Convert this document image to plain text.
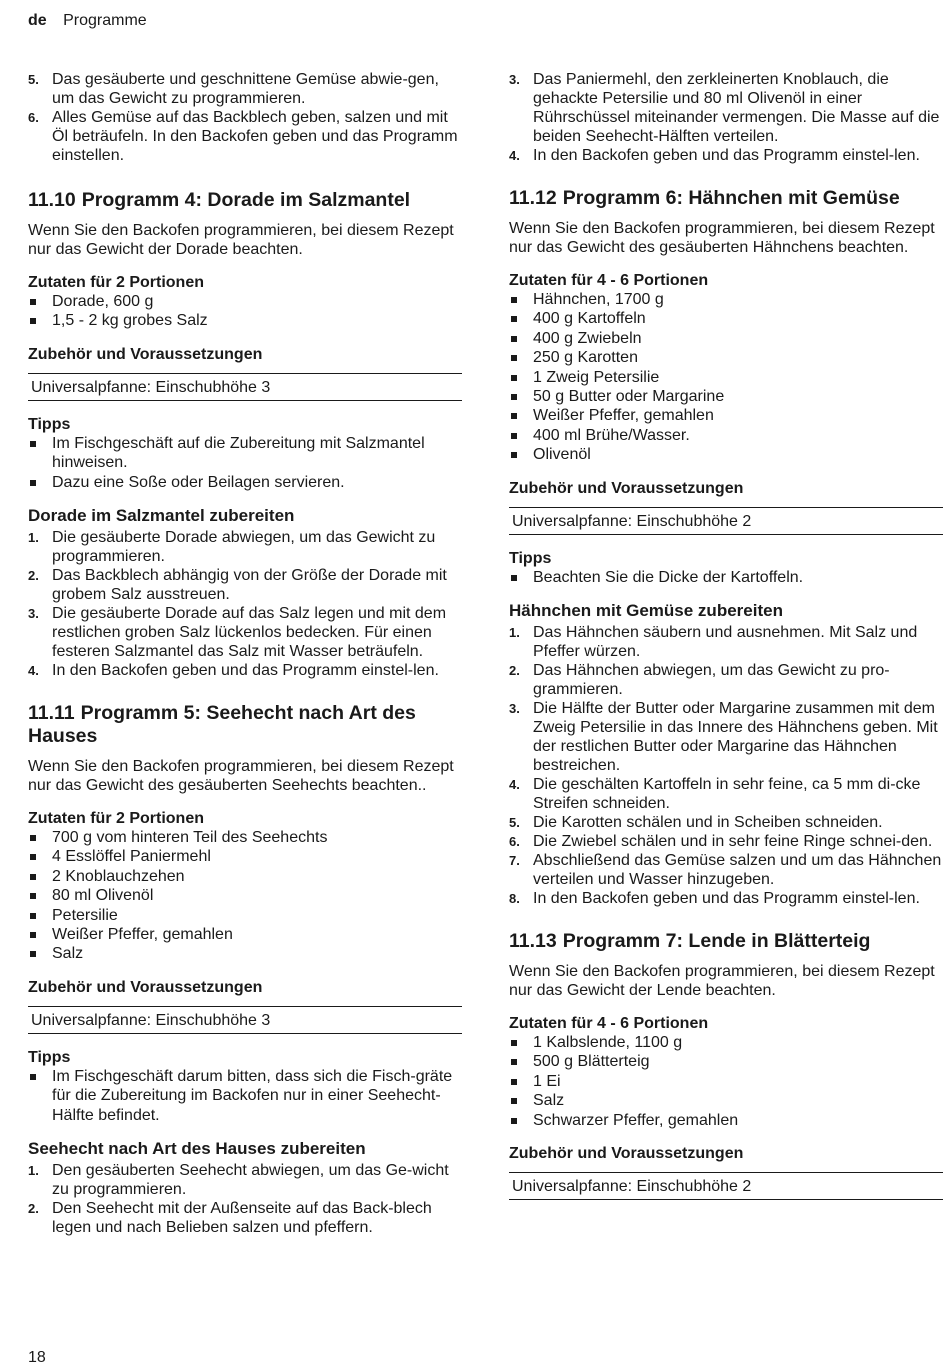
de Programme
5. Das gesäuberte und geschnittene Gemüse abwie-gen, um das Gewicht zu programmieren.
6. Alles Gemüse auf das Backblech geben, salzen und mit Öl beträufeln. In den Backofen geben und das Programm einstellen.
11.10 Programm 4: Dorade im Salzmantel

Wenn Sie den Backofen programmieren, bei diesem Rezept nur das Gewicht der Dorade beachten.

Zutaten für 2 Portionen
Dorade, 600 g
1,5 - 2 kg grobes Salz
Zubehör und Voraussetzungen
Universalpfanne: Einschubhöhe 3
Tipps
Im Fischgeschäft auf die Zubereitung mit Salzmantel hinweisen.
Dazu eine Soße oder Beilagen servieren.
Dorade im Salzmantel zubereiten
1. Die gesäuberte Dorade abwiegen, um das Gewicht zu programmieren.
2. Das Backblech abhängig von der Größe der Dorade mit grobem Salz ausstreuen.
3. Die gesäuberte Dorade auf das Salz legen und mit dem restlichen groben Salz lückenlos bedecken. Für einen festeren Salzmantel das Salz mit Wasser beträufeln.
4. In den Backofen geben und das Programm einstel-len.
11.11 Programm 5: Seehecht nach Art des Hauses

Wenn Sie den Backofen programmieren, bei diesem Rezept nur das Gewicht des gesäuberten Seehechts beachten..

Zutaten für 2 Portionen
700 g vom hinteren Teil des Seehechts
4 Esslöffel Paniermehl
2 Knoblauchzehen
80 ml Olivenöl
Petersilie
Weißer Pfeffer, gemahlen
Salz
Zubehör und Voraussetzungen
Universalpfanne: Einschubhöhe 3
Tipps
Im Fischgeschäft darum bitten, dass sich die Fisch-gräte für die Zubereitung im Backofen nur in einer Seehecht-Hälfte befindet.
Seehecht nach Art des Hauses zubereiten
1. Den gesäuberten Seehecht abwiegen, um das Ge-wicht zu programmieren.
2. Den Seehecht mit der Außenseite auf das Back-blech legen und nach Belieben salzen und pfeffern.
3. Das Paniermehl, den zerkleinerten Knoblauch, die gehackte Petersilie und 80 ml Olivenöl in einer Rührschüssel miteinander vermengen. Die Masse auf die beiden Seehecht-Hälften verteilen.
4. In den Backofen geben und das Programm einstel-len.
11.12 Programm 6: Hähnchen mit Gemüse

Wenn Sie den Backofen programmieren, bei diesem Rezept nur das Gewicht des gesäuberten Hähnchens beachten.

Zutaten für 4 - 6 Portionen
Hähnchen, 1700 g
400 g Kartoffeln
400 g Zwiebeln
250 g Karotten
1 Zweig Petersilie
50 g Butter oder Margarine
Weißer Pfeffer, gemahlen
400 ml Brühe/Wasser.
Olivenöl
Zubehör und Voraussetzungen
Universalpfanne: Einschubhöhe 2
Tipps
Beachten Sie die Dicke der Kartoffeln.
Hähnchen mit Gemüse zubereiten
1. Das Hähnchen säubern und ausnehmen. Mit Salz und Pfeffer würzen.
2. Das Hähnchen abwiegen, um das Gewicht zu pro-grammieren.
3. Die Hälfte der Butter oder Margarine zusammen mit dem Zweig Petersilie in das Innere des Hähnchens geben. Mit der restlichen Butter oder Margarine das Hähnchen bestreichen.
4. Die geschälten Kartoffeln in sehr feine, ca 5 mm di-cke Streifen schneiden.
5. Die Karotten schälen und in Scheiben schneiden.
6. Die Zwiebel schälen und in sehr feine Ringe schnei-den.
7. Abschließend das Gemüse salzen und um das Hähnchen verteilen und Wasser hinzugeben.
8. In den Backofen geben und das Programm einstel-len.
11.13 Programm 7: Lende in Blätterteig

Wenn Sie den Backofen programmieren, bei diesem Rezept nur das Gewicht der Lende beachten.

Zutaten für 4 - 6 Portionen
1 Kalbslende, 1100 g
500 g Blätterteig
1 Ei
Salz
Schwarzer Pfeffer, gemahlen
Zubehör und Voraussetzungen
Universalpfanne: Einschubhöhe 2
18
